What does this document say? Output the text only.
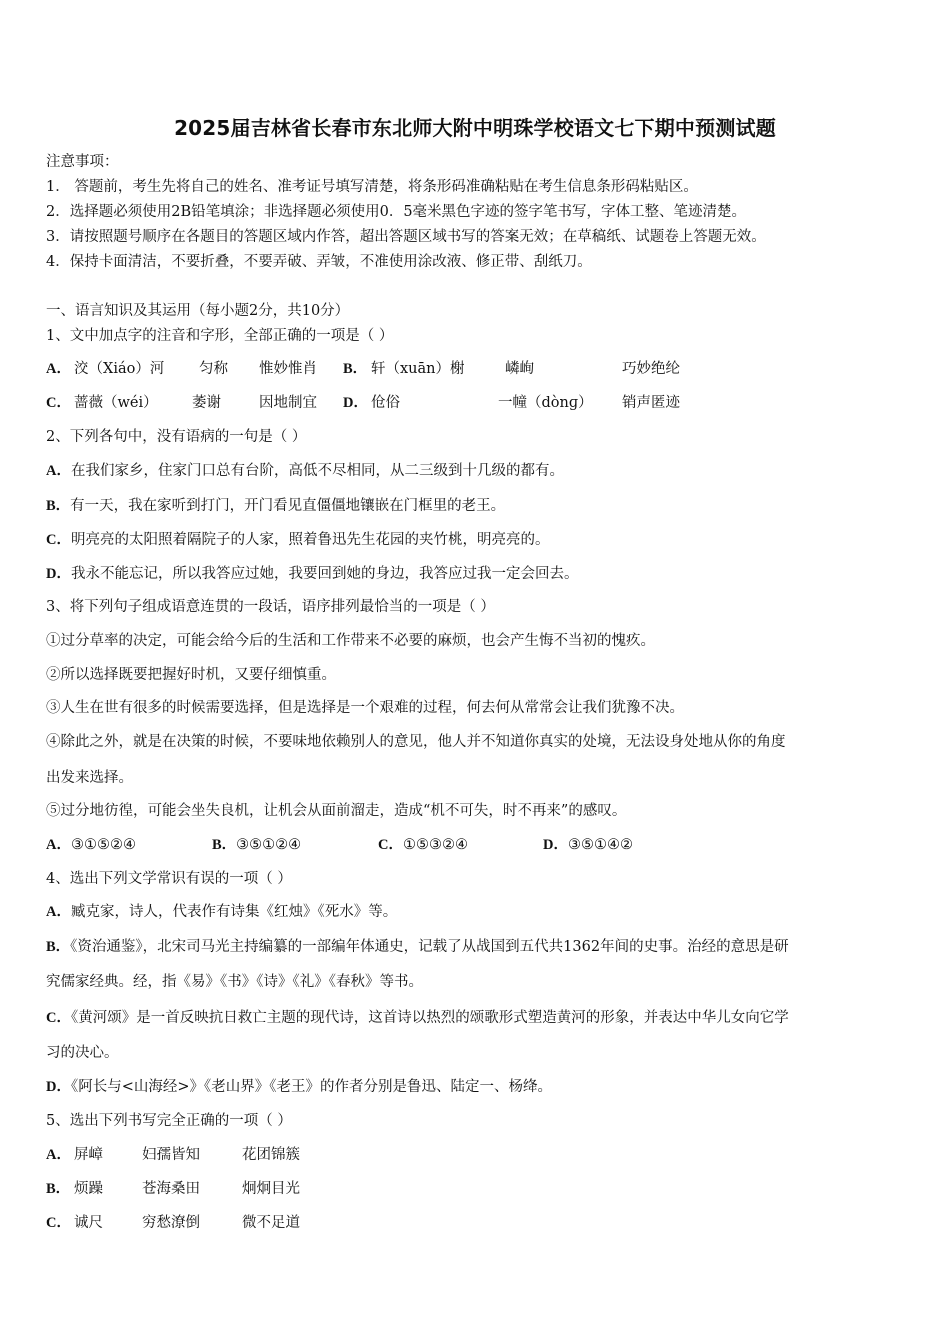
2025届吉林省长春市东北师大附中明珠学校语文七下期中预测试题
注意事项：
1． 答题前，考生先将自己的姓名、准考证号填写清楚，将条形码准确粘贴在考生信息条形码粘贴区。
2．选择题必须使用2B铅笔填涂；非选择题必须使用0．5毫米黑色字迹的签字笔书写，字体工整、笔迹清楚。
3．请按照题号顺序在各题目的答题区域内作答，超出答题区域书写的答案无效；在草稿纸、试题卷上答题无效。
4．保持卡面清洁，不要折叠，不要弄破、弄皱，不准使用涂改液、修正带、刮纸刀。
一、语言知识及其运用（每小题2分，共10分）
1、文中加点字的注音和字形，全部正确的一项是（ ）
A． 洨（Xiáo）河 匀称 惟妙惟肖 B． 轩（xuān）榭	嶙峋	巧妙绝纶
C． 蔷薇（wéi） 萎谢	因地制宜 D． 伧俗	一幢（dònɡ） 销声匿迹
2、下列各句中，没有语病的一句是（ ）
A．在我们家乡，住家门口总有台阶，高低不尽相同，从二三级到十几级的都有。
B．有一天，我在家听到打门，开门看见直僵僵地镶嵌在门框里的老王。
C．明亮亮的太阳照着隔院子的人家，照着鲁迅先生花园的夹竹桃，明亮亮的。
D．我永不能忘记，所以我答应过她，我要回到她的身边，我答应过我一定会回去。
3、将下列句子组成语意连贯的一段话，语序排列最恰当的一项是（ ）
①过分草率的决定，可能会给今后的生活和工作带来不必要的麻烦，也会产生悔不当初的愧疚。
②所以选择既要把握好时机，又要仔细慎重。
③人生在世有很多的时候需要选择，但是选择是一个艰难的过程，何去何从常常会让我们犹豫不决。
④除此之外，就是在决策的时候，不要味地依赖别人的意见，他人并不知道你真实的处境，无法设身处地从你的角度
出发来选择。
⑤过分地彷徨，可能会坐失良机，让机会从面前溜走，造成“机不可失，时不再来”的感叹。
A．③①⑤②④	B．③⑤①②④	C．①⑤③②④	D．③⑤①④②
4、选出下列文学常识有误的一项（ ）
A．臧克家，诗人，代表作有诗集《红烛》《死水》等。
B．《资治通鉴》，北宋司马光主持编纂的一部编年体通史，记载了从战国到五代共1362年间的史事。治经的意思是研
究儒家经典。经，指《易》《书》《诗》《礼》《春秋》等书。
C．《黄河颂》是一首反映抗日救亡主题的现代诗，这首诗以热烈的颂歌形式塑造黄河的形象，并表达中华儿女向它学
习的决心。
D．《阿长与<山海经>》《老山界》《老王》的作者分别是鲁迅、陆定一、杨绛。
5、选出下列书写完全正确的一项（ ）
A． 屏嶂	妇孺皆知	花团锦簇
B． 烦躁	苍海桑田	炯炯目光
C． 诚尺	穷愁潦倒	微不足道
